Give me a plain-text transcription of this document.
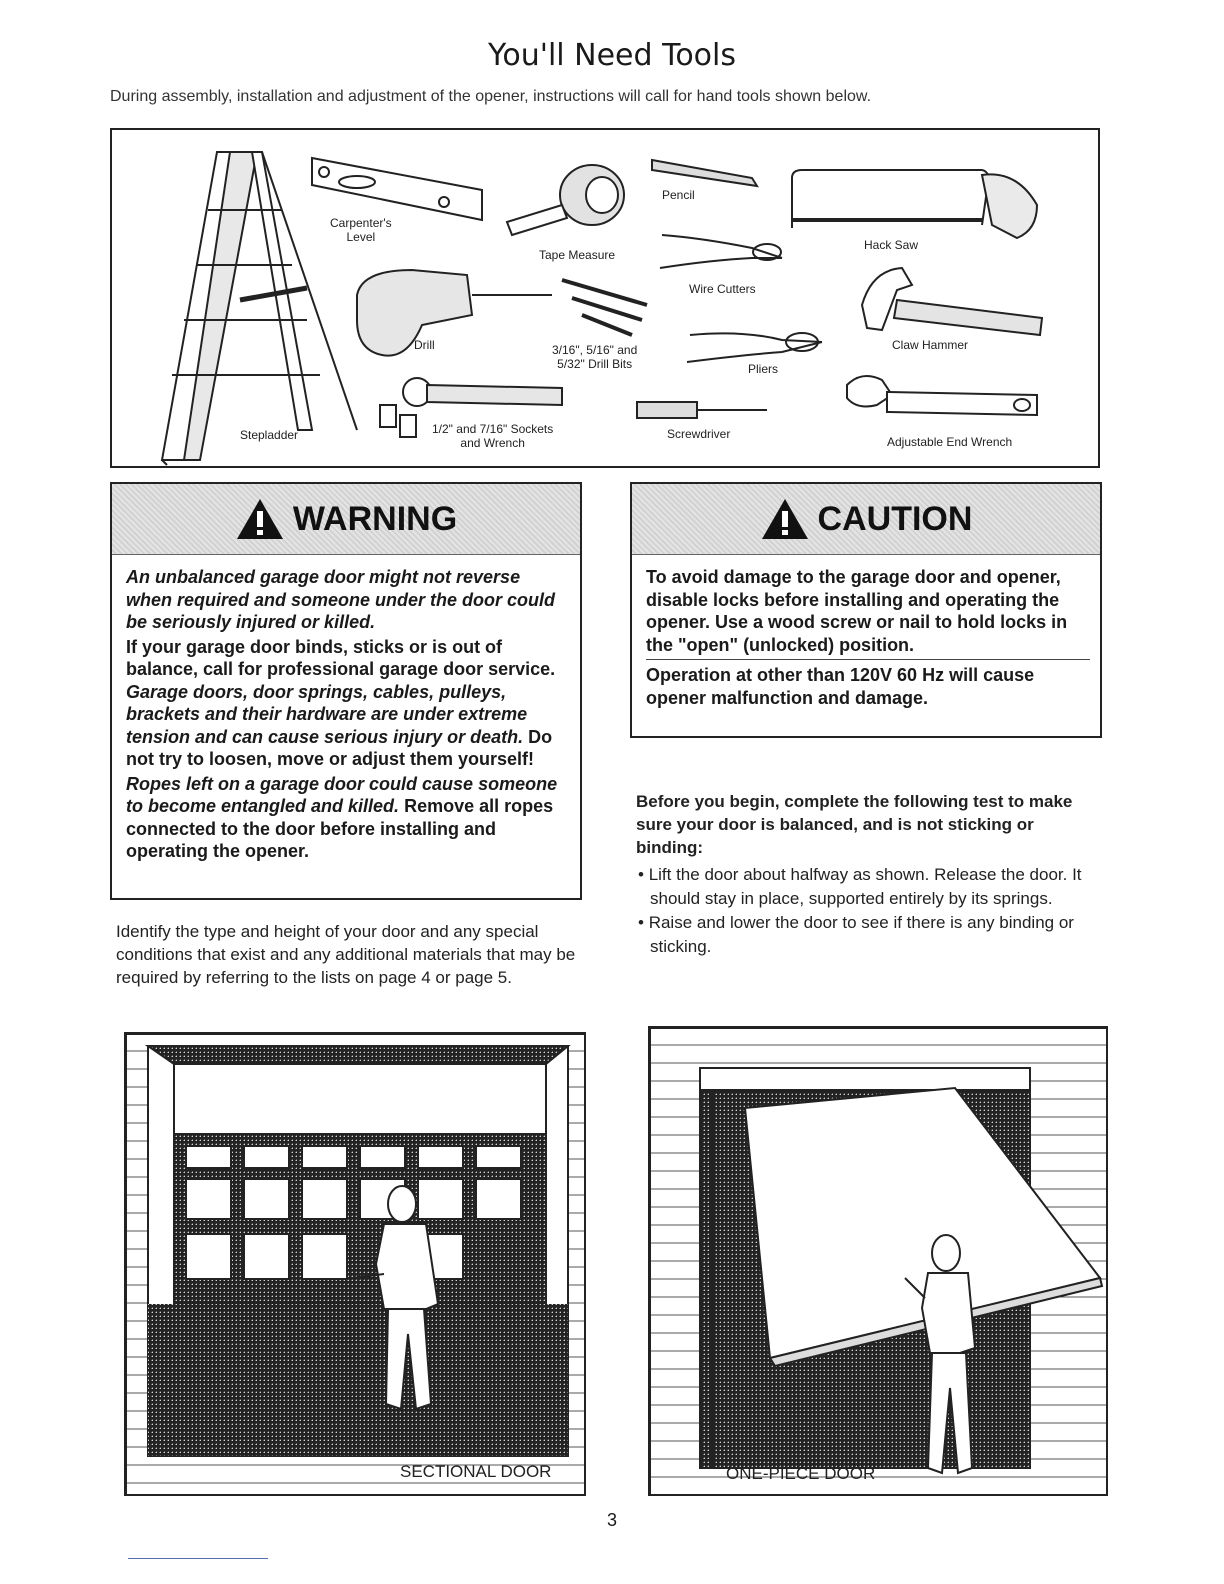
You'll Need Tools
During assembly, installation and adjustment of the opener, instructions will call for hand tools shown below.
Pencil
Hack Saw
Carpenter's
Level
Tape Measure
Wire Cutters
Claw Hammer
Drill	3/16", 5/16" and
5/32" Drill Bits	Pliers
Stepladder	1/2" and 7/16" Sockets
and Wrench
Screwdriver
Adjustable End Wrench
WARNING
An unbalanced garage door might not reverse when required and someone under the door could be seriously injured or killed.
If your garage door binds, sticks or is out of balance, call for professional garage door service. Garage doors, door springs, cables, pulleys, brackets and their hardware are under extreme tension and can cause serious injury or death. Do not try to loosen, move or adjust them yourself!
Ropes left on a garage door could cause someone to become entangled and killed. Remove all ropes connected to the door before installing and operating the opener.
CAUTION
To avoid damage to the garage door and opener, disable locks before installing and operating the opener. Use a wood screw or nail to hold locks in the "open" (unlocked) position.
Operation at other than 120V 60 Hz will cause opener malfunction and damage.
Identify the type and height of your door and any special conditions that exist and any additional materials that may be required by referring to the lists on page 4 or page 5.
Before you begin, complete the following test to make sure your door is balanced, and is not sticking or binding:
• Lift the door about halfway as shown. Release the door. It should stay in place, supported entirely by its springs.
• Raise and lower the door to see if there is any binding or sticking.
SECTIONAL DOOR	ONE-PIECE DOOR
3
